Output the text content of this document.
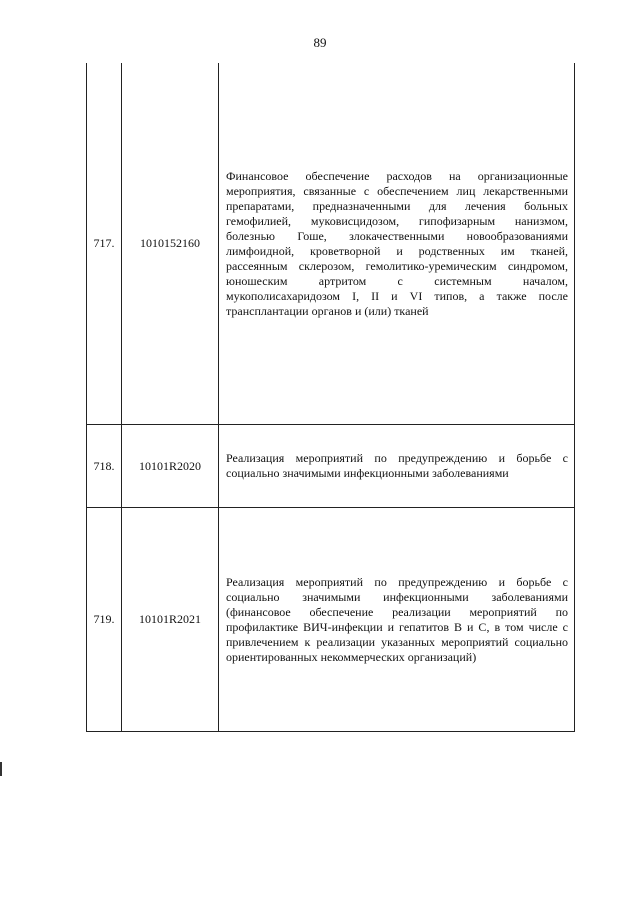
89
717.	1010152160	Финансовое обеспечение расходов на организационные мероприятия, связанные с обеспечением лиц лекарственными препаратами, предназначенными для лечения больных гемофилией, муковисцидозом, гипофизарным нанизмом, болезнью Гоше, злокачественными новообразованиями лимфоидной, кроветворной и родственных им тканей, рассеянным склерозом, гемолитико-уремическим синдромом, юношеским артритом с системным началом, мукополисахаридозом I, II и VI типов, а также после трансплантации органов и (или) тканей
718.	10101R2020	Реализация мероприятий по предупреждению и борьбе с социально значимыми инфекционными заболеваниями
719.	10101R2021	Реализация мероприятий по предупреждению и борьбе с социально значимыми инфекционными заболеваниями (финансовое обеспечение реализации мероприятий по профилактике ВИЧ-инфекции и гепатитов B и C, в том числе с привлечением к реализации указанных мероприятий социально ориентированных некоммерческих организаций)
